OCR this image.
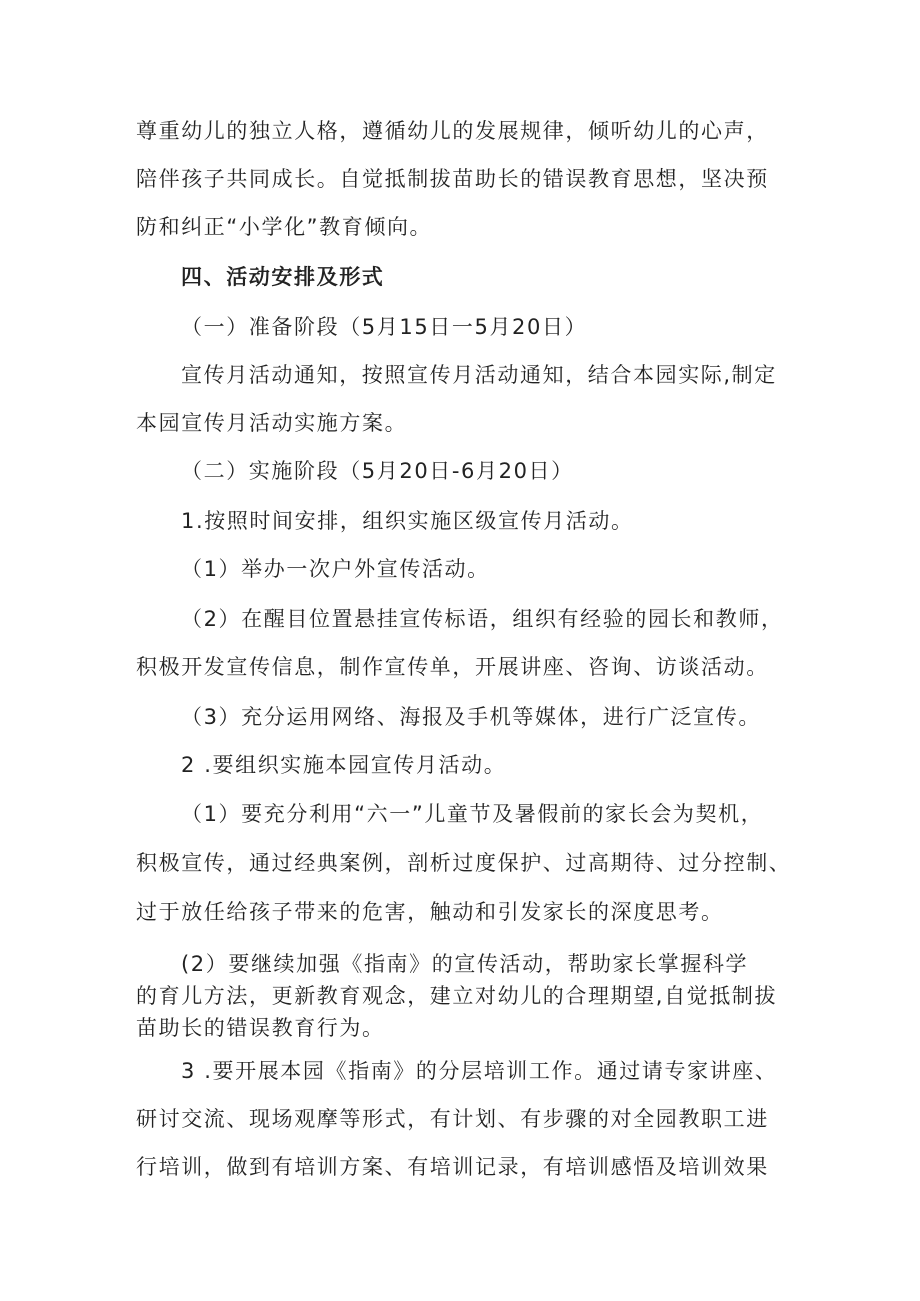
尊重幼儿的独立人格，遵循幼儿的发展规律，倾听幼儿的心声，
陪伴孩子共同成长。自觉抵制拔苗助长的错误教育思想，坚决预
防和纠正“小学化”教育倾向。
四、活动安排及形式
（一）准备阶段（5月15日一5月20日）
宣传月活动通知，按照宣传月活动通知，结合本园实际,制定
本园宣传月活动实施方案。
（二）实施阶段（5月20日-6月20日）
1.按照时间安排，组织实施区级宣传月活动。
（1）举办一次户外宣传活动。
（2）在醒目位置悬挂宣传标语，组织有经验的园长和教师，
积极开发宣传信息，制作宣传单，开展讲座、咨询、访谈活动。
（3）充分运用网络、海报及手机等媒体，进行广泛宣传。
2 .要组织实施本园宣传月活动。
（1）要充分利用“六一”儿童节及暑假前的家长会为契机，
积极宣传，通过经典案例，剖析过度保护、过高期待、过分控制、
过于放任给孩子带来的危害，触动和引发家长的深度思考。
(2）要继续加强《指南》的宣传活动，帮助家长掌握科学
的育儿方法，更新教育观念，建立对幼儿的合理期望,自觉抵制拔
苗助长的错误教育行为。
3 .要开展本园《指南》的分层培训工作。通过请专家讲座、
研讨交流、现场观摩等形式，有计划、有步骤的对全园教职工进
行培训，做到有培训方案、有培训记录，有培训感悟及培训效果
